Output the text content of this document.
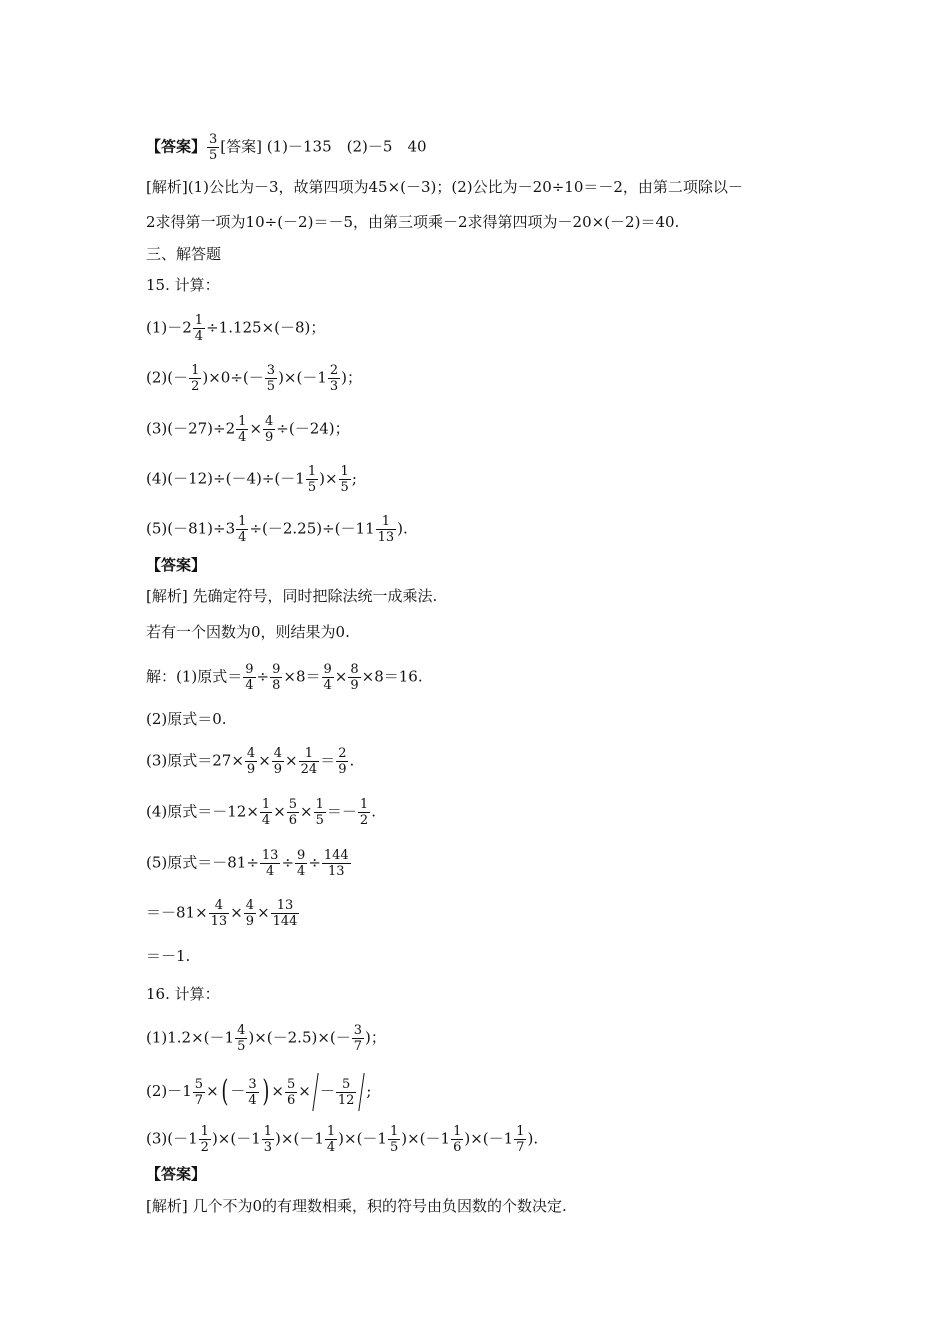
【答案】 $\frac{3}{5}$ [答案] (1)－135　(2)－5　40
[解析](1)公比为－3，故第四项为45×(－3)；(2)公比为－20÷10＝－2，由第二项除以－
2求得第一项为10÷(－2)＝－5，由第三项乘－2求得第四项为－20×(－2)＝40.
三、解答题
15. 计算：
$(1)-2 \frac{1}{4} \div 1.125\times(-8)$；
$(2)(- \frac{1}{2} )\times 0\div(- \frac{3}{5} )\times(-1 \frac{2}{3}$ )；
$(3)(-27)\div 2 \frac{1}{4} \times \frac{4}{9} \div(-24)$；
$(4)(-12)\div(-4)\div(-1 \frac{1}{5}$ )× $\frac{1}{5}$ ;
$(5)(-81)\div 3 \frac{1}{4} \div(-2.25)\div(-11 \frac{1}{13}$ ).
【答案】
[解析] 先确定符号，同时把除法统一成乘法.
若有一个因数为0，则结果为0.
解：(1)原式＝ $\frac{9}{4} \div \frac{9}{8} \times 8= \frac{9}{4} \times \frac{8}{9} \times 8=16$.
(2)原式＝0.
(3)原式$=27\times \frac{4}{9} \times \frac{4}{9} \times \frac{1}{24} = \frac{2}{9}$ .
(4)原式$=-12\times \frac{1}{4} \times \frac{5}{6} \times \frac{1}{5} =- \frac{1}{2}$ .
(5)原式$=-81\div \frac{13}{4} \div \frac{9}{4} \div \frac{144}{13}$
$=-81\times \frac{4}{13} \times \frac{4}{9} \times \frac{13}{144}$
＝－1.
16. 计算：
$(1)1.2\times(-1 \frac{4}{5} )\times(-2.5)\times(- \frac{3}{7}$ )；
$(2)-1 \frac{5}{7}$ ×( － $\frac{3}{4}$ ) × $\frac{5}{6}$ × － $\frac{5}{12}$ ;
$(3)(-1 \frac{1}{2} )\times(-1 \frac{1}{3} )\times(-1 \frac{1}{4} )\times(-1 \frac{1}{5} )\times(-1 \frac{1}{6} )\times(-1 \frac{1}{7}$ ).
【答案】
[解析] 几个不为0的有理数相乘，积的符号由负因数的个数决定.
